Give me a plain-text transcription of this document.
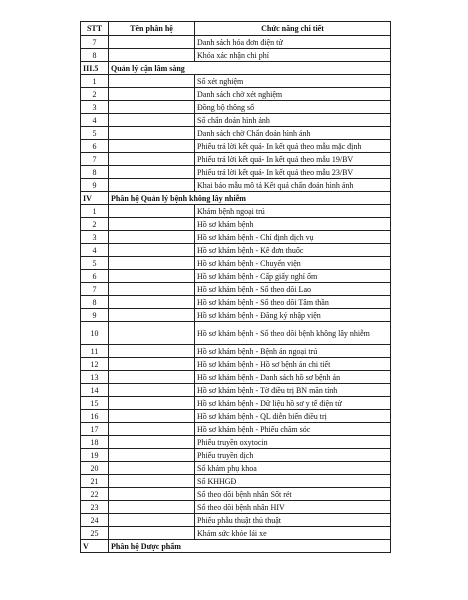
STT	Tên phân hệ	Chức năng chi tiết
7		Danh sách hóa đơn điện tử
8		Khóa xác nhận chi phí
III.5	Quản lý cận lâm sàng	
1		Sổ xét nghiệm
2		Danh sách chờ xét nghiệm
3		Đồng bộ thông số
4		Sổ chẩn đoán hình ảnh
5		Danh sách chờ Chẩn đoán hình ảnh
6		Phiếu trả lời kết quả- In kết quả theo mẫu mặc định
7		Phiếu trả lời kết quả- In kết quả theo mẫu 19/BV
8		Phiếu trả lời kết quả- In kết quả theo mẫu 23/BV
9		Khai báo mẫu mô tả Kết quả chẩn đoán hình ảnh
IV	Phân hệ Quản lý bệnh không lây nhiễm	
1		Khám bệnh ngoại trú
2		Hồ sơ khám bệnh
3		Hồ sơ khám bệnh - Chỉ định dịch vụ
4		Hồ sơ khám bệnh - Kê đơn thuốc
5		Hồ sơ khám bệnh - Chuyển viện
6		Hồ sơ khám bệnh - Cấp giấy nghỉ ốm
7		Hồ sơ khám bệnh - Sổ theo dõi Lao
8		Hồ sơ khám bệnh - Sổ theo dõi Tâm thần
9		Hồ sơ khám bệnh - Đăng ký nhập viện
10		Hồ sơ khám bệnh - Sổ theo dõi bệnh không lây nhiễm
11		Hồ sơ khám bệnh - Bệnh án ngoại trú
12		Hồ sơ khám bệnh - Hồ sơ bệnh án chi tiết
13		Hồ sơ khám bệnh - Danh sách hồ sơ bệnh án
14		Hồ sơ khám bệnh - Tờ điều trị BN mãn tính
15		Hồ sơ khám bệnh - Dữ liệu hồ sơ y tế điện tử
16		Hồ sơ khám bệnh - QL diễn biến điều trị
17		Hồ sơ khám bệnh - Phiếu chăm sóc
18		Phiếu truyền oxytocin
19		Phiếu truyền dịch
20		Sổ khám phụ khoa
21		Sổ KHHGĐ
22		Sổ theo dõi bệnh nhân Sốt rét
23		Sổ theo dõi bệnh nhân HIV
24		Phiếu phẫu thuật thủ thuật
25		Khám sức khỏe lái xe
V	Phân hệ Dược phẩm	
